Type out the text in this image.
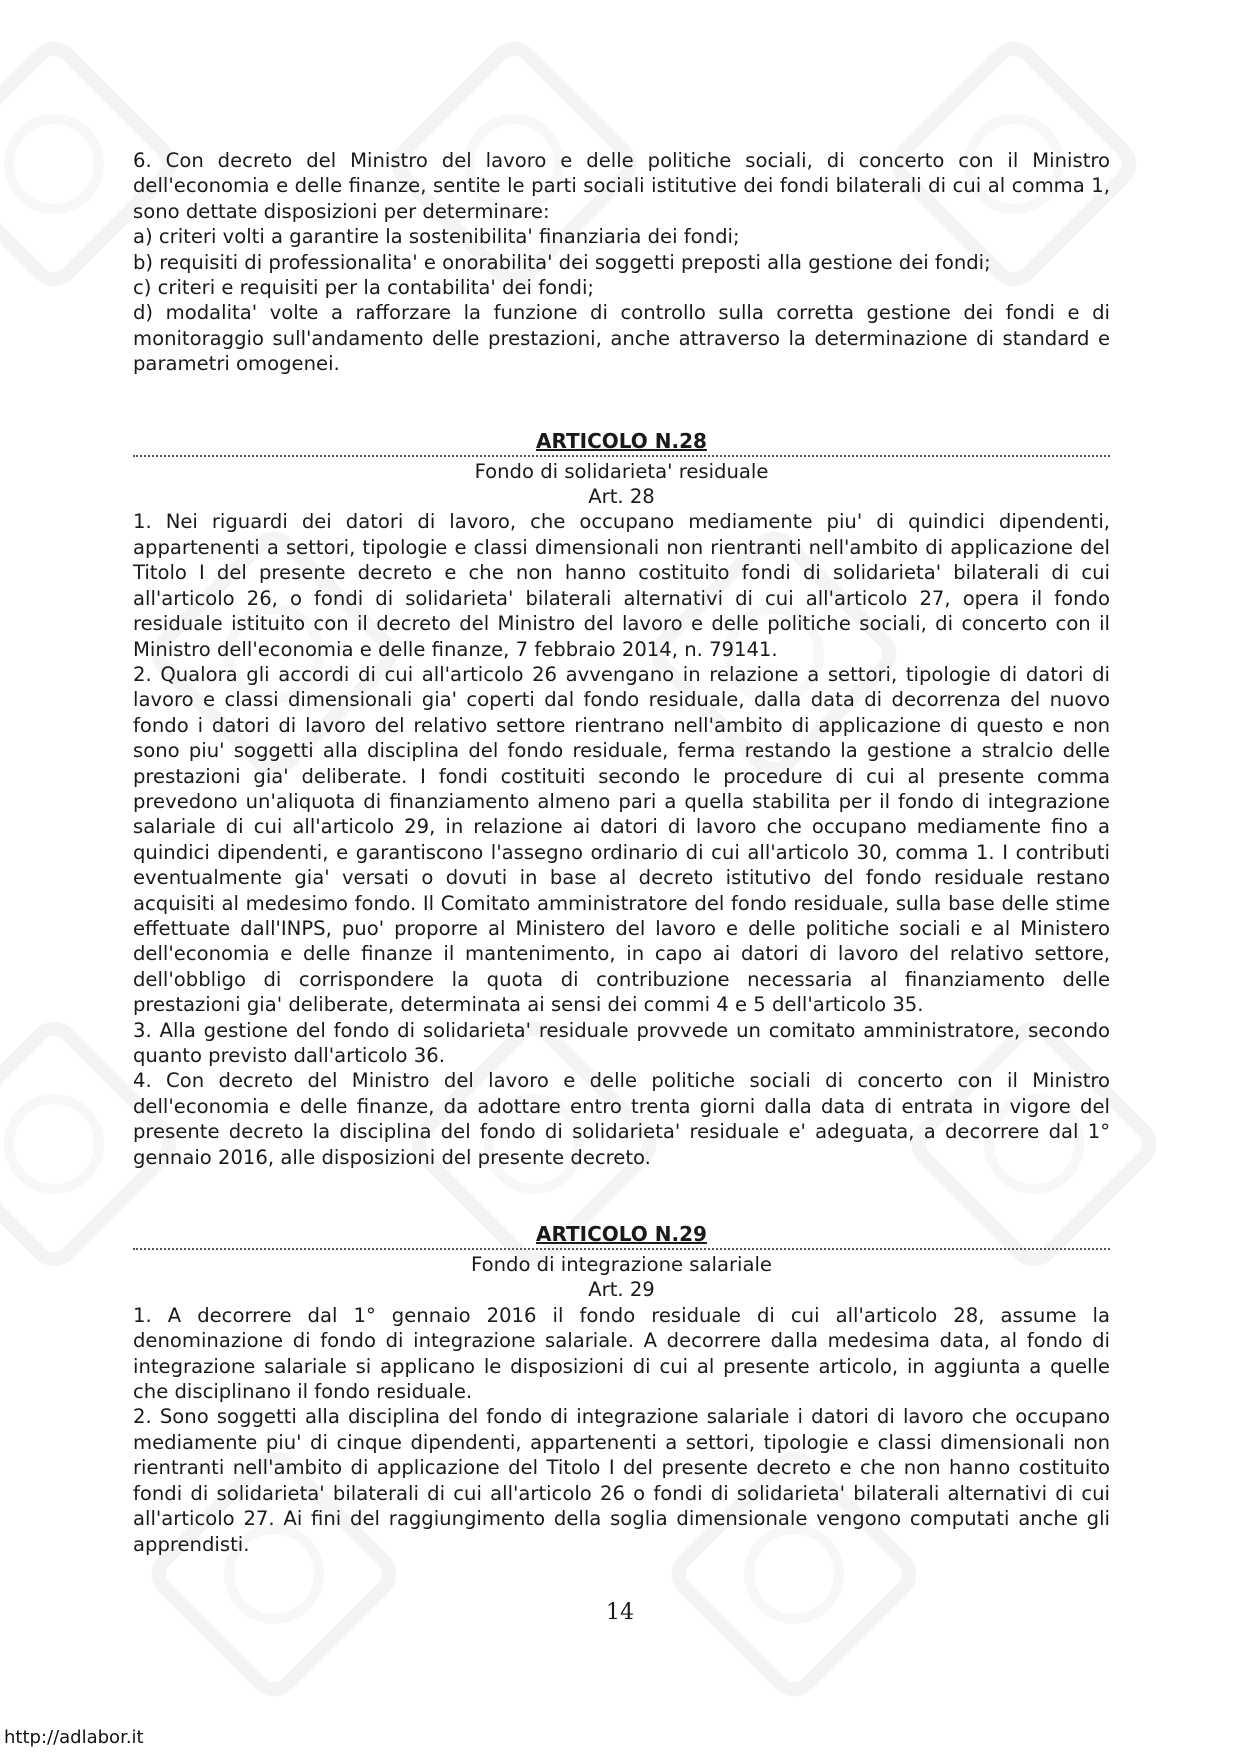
6. Con decreto del Ministro del lavoro e delle politiche sociali, di concerto con il Ministro dell'economia e delle finanze, sentite le parti sociali istitutive dei fondi bilaterali di cui al comma 1, sono dettate disposizioni per determinare:

a) criteri volti a garantire la sostenibilita' finanziaria dei fondi;

b) requisiti di professionalita' e onorabilita' dei soggetti preposti alla gestione dei fondi;

c) criteri e requisiti per la contabilita' dei fondi;

d) modalita' volte a rafforzare la funzione di controllo sulla corretta gestione dei fondi e di monitoraggio sull'andamento delle prestazioni, anche attraverso la determinazione di standard e parametri omogenei.

ARTICOLO N.28

Fondo di solidarieta' residuale

Art. 28

1. Nei riguardi dei datori di lavoro, che occupano mediamente piu' di quindici dipendenti, appartenenti a settori, tipologie e classi dimensionali non rientranti nell'ambito di applicazione del Titolo I del presente decreto e che non hanno costituito fondi di solidarieta' bilaterali di cui all'articolo 26, o fondi di solidarieta' bilaterali alternativi di cui all'articolo 27, opera il fondo residuale istituito con il decreto del Ministro del lavoro e delle politiche sociali, di concerto con il Ministro dell'economia e delle finanze, 7 febbraio 2014, n. 79141.

2. Qualora gli accordi di cui all'articolo 26 avvengano in relazione a settori, tipologie di datori di lavoro e classi dimensionali gia' coperti dal fondo residuale, dalla data di decorrenza del nuovo fondo i datori di lavoro del relativo settore rientrano nell'ambito di applicazione di questo e non sono piu' soggetti alla disciplina del fondo residuale, ferma restando la gestione a stralcio delle prestazioni gia' deliberate. I fondi costituiti secondo le procedure di cui al presente comma prevedono un'aliquota di finanziamento almeno pari a quella stabilita per il fondo di integrazione salariale di cui all'articolo 29, in relazione ai datori di lavoro che occupano mediamente fino a quindici dipendenti, e garantiscono l'assegno ordinario di cui all'articolo 30, comma 1. I contributi eventualmente gia' versati o dovuti in base al decreto istitutivo del fondo residuale restano acquisiti al medesimo fondo. Il Comitato amministratore del fondo residuale, sulla base delle stime effettuate dall'INPS, puo' proporre al Ministero del lavoro e delle politiche sociali e al Ministero dell'economia e delle finanze il mantenimento, in capo ai datori di lavoro del relativo settore, dell'obbligo di corrispondere la quota di contribuzione necessaria al finanziamento delle prestazioni gia' deliberate, determinata ai sensi dei commi 4 e 5 dell'articolo 35.

3. Alla gestione del fondo di solidarieta' residuale provvede un comitato amministratore, secondo quanto previsto dall'articolo 36.

4. Con decreto del Ministro del lavoro e delle politiche sociali di concerto con il Ministro dell'economia e delle finanze, da adottare entro trenta giorni dalla data di entrata in vigore del presente decreto la disciplina del fondo di solidarieta' residuale e' adeguata, a decorrere dal 1° gennaio 2016, alle disposizioni del presente decreto.

ARTICOLO N.29

Fondo di integrazione salariale

Art. 29

1. A decorrere dal 1° gennaio 2016 il fondo residuale di cui all'articolo 28, assume la denominazione di fondo di integrazione salariale. A decorrere dalla medesima data, al fondo di integrazione salariale si applicano le disposizioni di cui al presente articolo, in aggiunta a quelle che disciplinano il fondo residuale.

2. Sono soggetti alla disciplina del fondo di integrazione salariale i datori di lavoro che occupano mediamente piu' di cinque dipendenti, appartenenti a settori, tipologie e classi dimensionali non rientranti nell'ambito di applicazione del Titolo I del presente decreto e che non hanno costituito fondi di solidarieta' bilaterali di cui all'articolo 26 o fondi di solidarieta' bilaterali alternativi di cui all'articolo 27. Ai fini del raggiungimento della soglia dimensionale vengono computati anche gli apprendisti.

14
http://adlabor.it
